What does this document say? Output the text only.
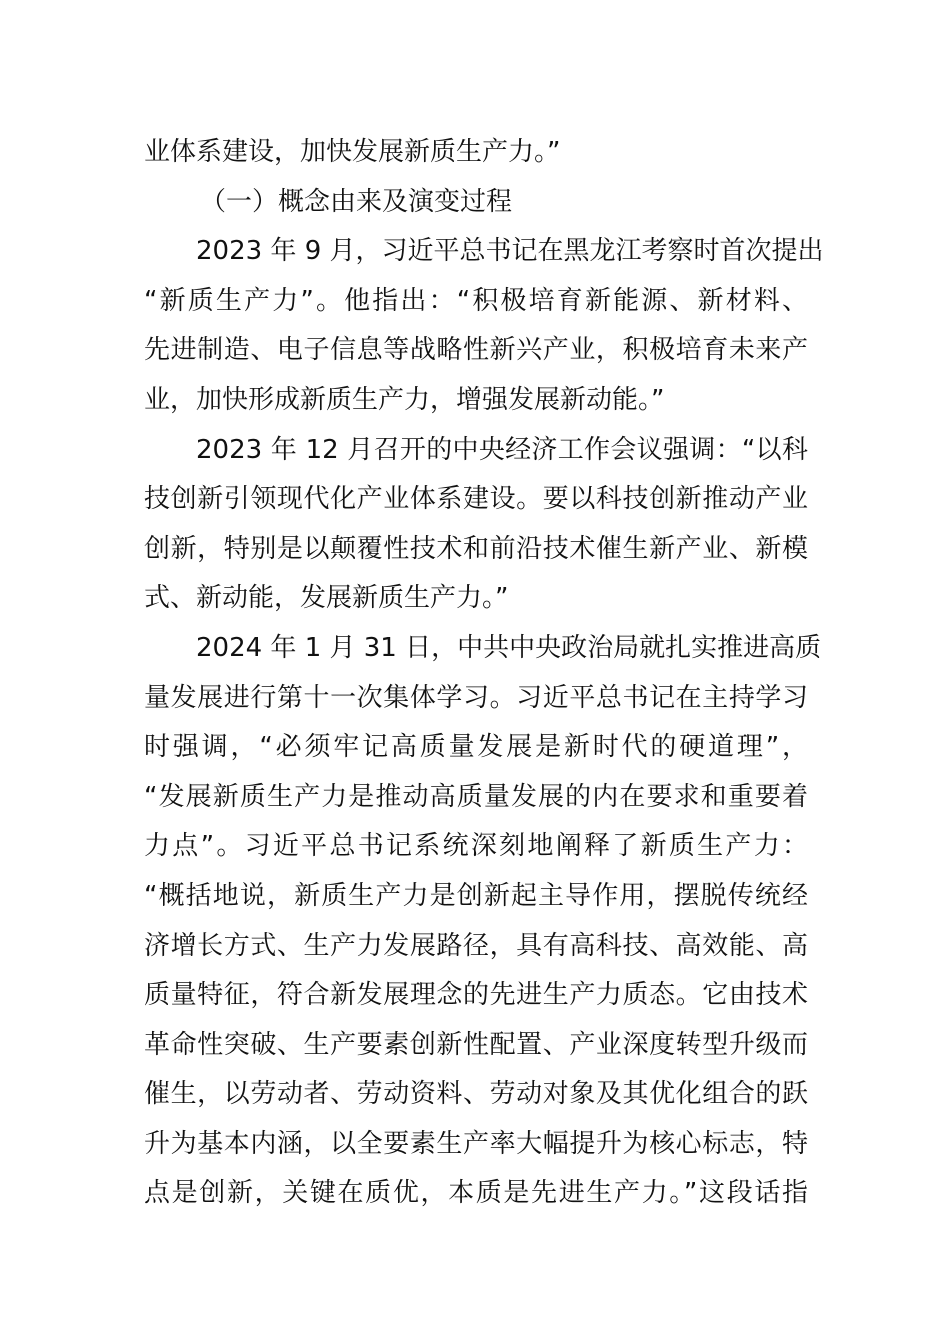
业体系建设，加快发展新质生产力。”
（一）概念由来及演变过程
2023 年 9 月，习近平总书记在黑龙江考察时首次提出
“新质生产力”。他指出：“积极培育新能源、新材料、
先进制造、电子信息等战略性新兴产业，积极培育未来产
业，加快形成新质生产力，增强发展新动能。”
2023 年 12 月召开的中央经济工作会议强调：“以科
技创新引领现代化产业体系建设。要以科技创新推动产业
创新，特别是以颠覆性技术和前沿技术催生新产业、新模
式、新动能，发展新质生产力。”
2024 年 1 月 31 日，中共中央政治局就扎实推进高质
量发展进行第十一次集体学习。习近平总书记在主持学习
时强调，“必须牢记高质量发展是新时代的硬道理”，
“发展新质生产力是推动高质量发展的内在要求和重要着
力点”。习近平总书记系统深刻地阐释了新质生产力：
“概括地说，新质生产力是创新起主导作用，摆脱传统经
济增长方式、生产力发展路径，具有高科技、高效能、高
质量特征，符合新发展理念的先进生产力质态。它由技术
革命性突破、生产要素创新性配置、产业深度转型升级而
催生，以劳动者、劳动资料、劳动对象及其优化组合的跃
升为基本内涵，以全要素生产率大幅提升为核心标志，特
点是创新，关键在质优，本质是先进生产力。”这段话指
